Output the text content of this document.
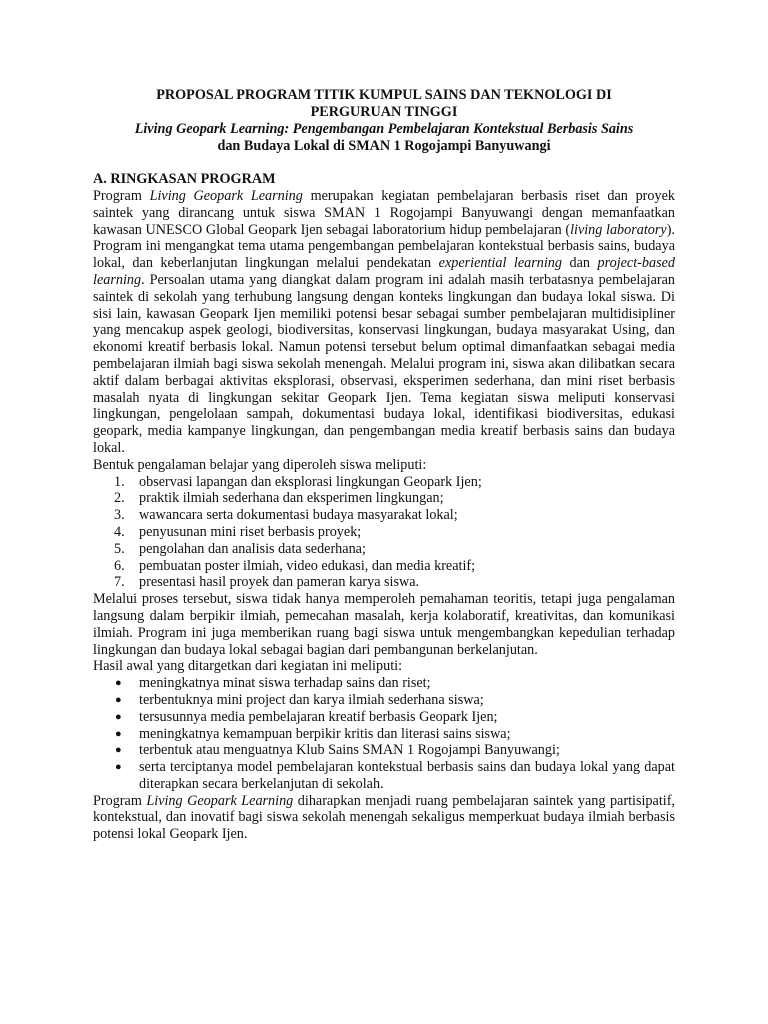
PROPOSAL PROGRAM TITIK KUMPUL SAINS DAN TEKNOLOGI DI

PERGURUAN TINGGI

Living Geopark Learning: Pengembangan Pembelajaran Kontekstual Berbasis Sains

dan Budaya Lokal di SMAN 1 Rogojampi Banyuwangi

A. RINGKASAN PROGRAM

Program Living Geopark Learning merupakan kegiatan pembelajaran berbasis riset dan proyek saintek yang dirancang untuk siswa SMAN 1 Rogojampi Banyuwangi dengan memanfaatkan kawasan UNESCO Global Geopark Ijen sebagai laboratorium hidup pembelajaran (living laboratory). Program ini mengangkat tema utama pengembangan pembelajaran kontekstual berbasis sains, budaya lokal, dan keberlanjutan lingkungan melalui pendekatan experiential learning dan project-based learning. Persoalan utama yang diangkat dalam program ini adalah masih terbatasnya pembelajaran saintek di sekolah yang terhubung langsung dengan konteks lingkungan dan budaya lokal siswa. Di sisi lain, kawasan Geopark Ijen memiliki potensi besar sebagai sumber pembelajaran multidisipliner yang mencakup aspek geologi, biodiversitas, konservasi lingkungan, budaya masyarakat Using, dan ekonomi kreatif berbasis lokal. Namun potensi tersebut belum optimal dimanfaatkan sebagai media pembelajaran ilmiah bagi siswa sekolah menengah. Melalui program ini, siswa akan dilibatkan secara aktif dalam berbagai aktivitas eksplorasi, observasi, eksperimen sederhana, dan mini riset berbasis masalah nyata di lingkungan sekitar Geopark Ijen. Tema kegiatan siswa meliputi konservasi lingkungan, pengelolaan sampah, dokumentasi budaya lokal, identifikasi biodiversitas, edukasi geopark, media kampanye lingkungan, dan pengembangan media kreatif berbasis sains dan budaya lokal.

Bentuk pengalaman belajar yang diperoleh siswa meliputi:

1.	observasi lapangan dan eksplorasi lingkungan Geopark Ijen;
2.	praktik ilmiah sederhana dan eksperimen lingkungan;
3.	wawancara serta dokumentasi budaya masyarakat lokal;
4.	penyusunan mini riset berbasis proyek;
5.	pengolahan dan analisis data sederhana;
6.	pembuatan poster ilmiah, video edukasi, dan media kreatif;
7.	presentasi hasil proyek dan pameran karya siswa.

Melalui proses tersebut, siswa tidak hanya memperoleh pemahaman teoritis, tetapi juga pengalaman langsung dalam berpikir ilmiah, pemecahan masalah, kerja kolaboratif, kreativitas, dan komunikasi ilmiah. Program ini juga memberikan ruang bagi siswa untuk mengembangkan kepedulian terhadap lingkungan dan budaya lokal sebagai bagian dari pembangunan berkelanjutan.

Hasil awal yang ditargetkan dari kegiatan ini meliputi:

●	meningkatnya minat siswa terhadap sains dan riset;
●	terbentuknya mini project dan karya ilmiah sederhana siswa;
●	tersusunnya media pembelajaran kreatif berbasis Geopark Ijen;
●	meningkatnya kemampuan berpikir kritis dan literasi sains siswa;
●	terbentuk atau menguatnya Klub Sains SMAN 1 Rogojampi Banyuwangi;
●	serta terciptanya model pembelajaran kontekstual berbasis sains dan budaya lokal yang dapat diterapkan secara berkelanjutan di sekolah.

Program Living Geopark Learning diharapkan menjadi ruang pembelajaran saintek yang partisipatif, kontekstual, dan inovatif bagi siswa sekolah menengah sekaligus memperkuat budaya ilmiah berbasis potensi lokal Geopark Ijen.
